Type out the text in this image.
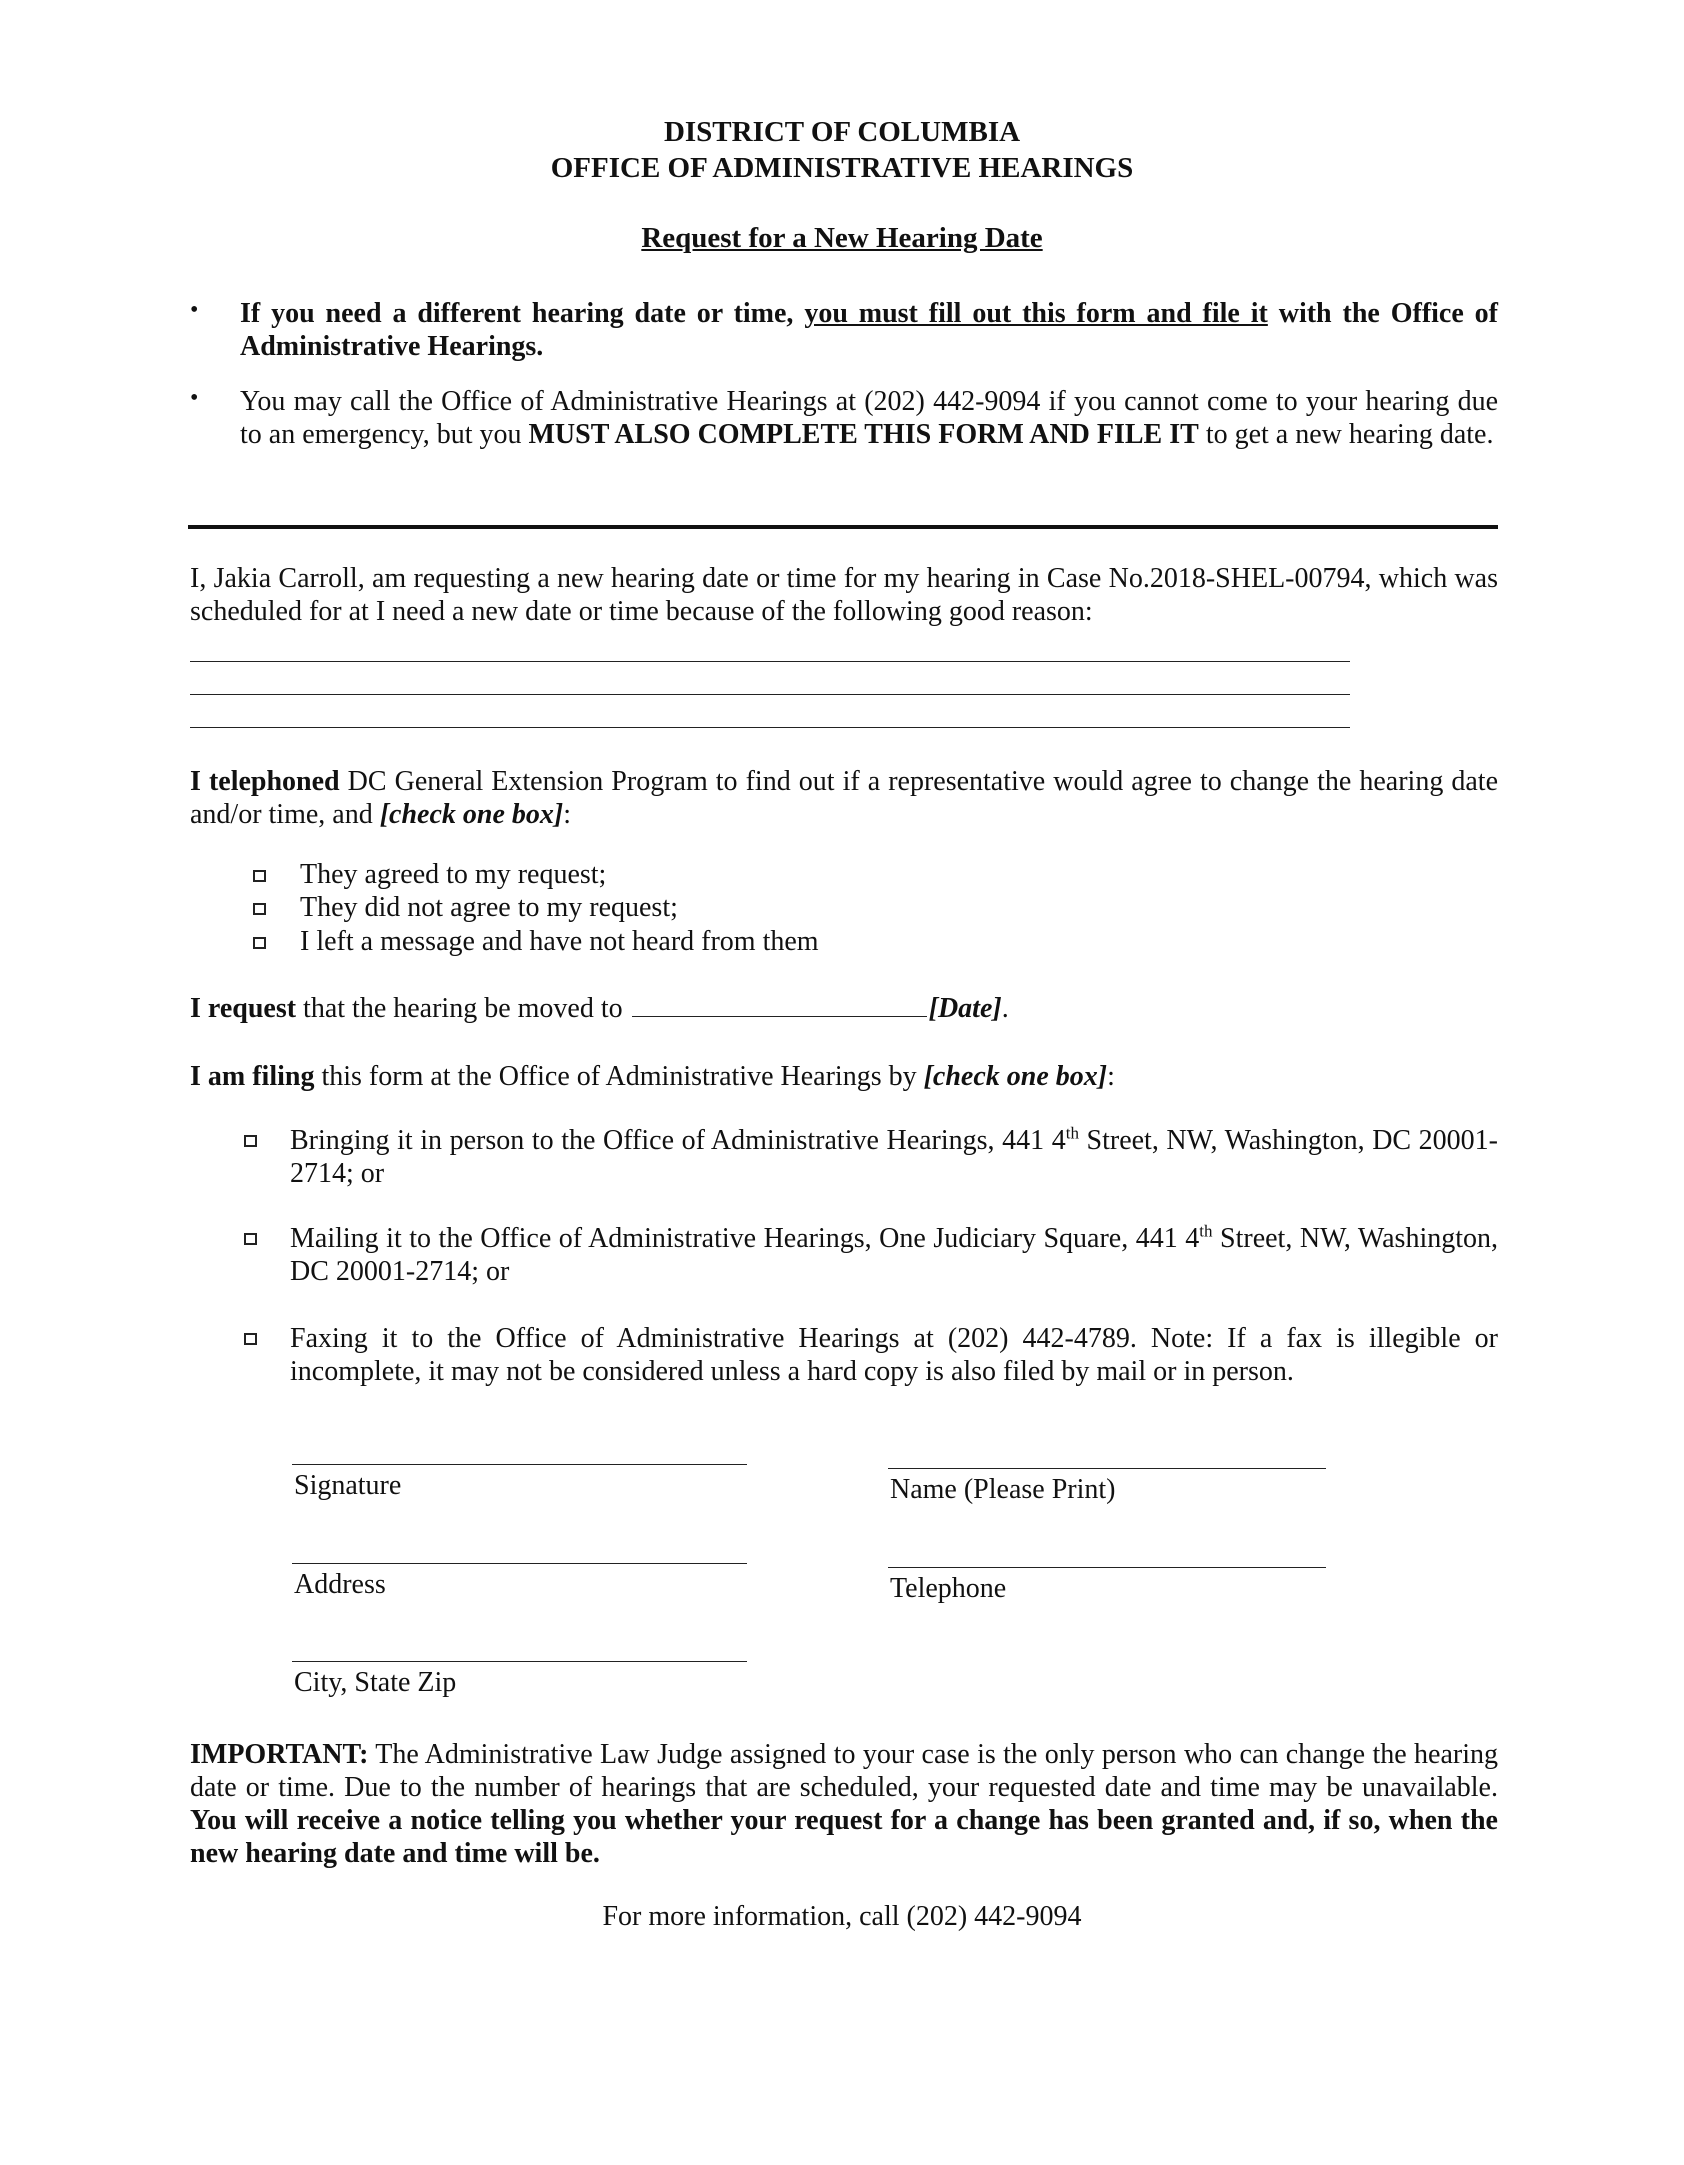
DISTRICT OF COLUMBIA
OFFICE OF ADMINISTRATIVE HEARINGS
Request for a New Hearing Date
• If you need a different hearing date or time, you must fill out this form and file it with the Office of Administrative Hearings.
• You may call the Office of Administrative Hearings at (202) 442-9094 if you cannot come to your hearing due to an emergency, but you MUST ALSO COMPLETE THIS FORM AND FILE IT to get a new hearing date.
I, Jakia Carroll, am requesting a new hearing date or time for my hearing in Case No.2018-SHEL-00794, which was scheduled for at I need a new date or time because of the following good reason:
I telephoned DC General Extension Program to find out if a representative would agree to change the hearing date and/or time, and [check one box]:
They agreed to my request;
They did not agree to my request;
I left a message and have not heard from them
I request that the hearing be moved to	[Date].
I am filing this form at the Office of Administrative Hearings by [check one box]:
Bringing it in person to the Office of Administrative Hearings, 441 4th Street, NW, Washington, DC 20001-2714; or
Mailing it to the Office of Administrative Hearings, One Judiciary Square, 441 4th Street, NW, Washington, DC 20001-2714; or
Faxing it to the Office of Administrative Hearings at (202) 442-4789. Note: If a fax is illegible or incomplete, it may not be considered unless a hard copy is also filed by mail or in person.
Signature	Name (Please Print)
Address	Telephone
City, State Zip
IMPORTANT: The Administrative Law Judge assigned to your case is the only person who can change the hearing date or time. Due to the number of hearings that are scheduled, your requested date and time may be unavailable. You will receive a notice telling you whether your request for a change has been granted and, if so, when the new hearing date and time will be.
For more information, call (202) 442-9094
